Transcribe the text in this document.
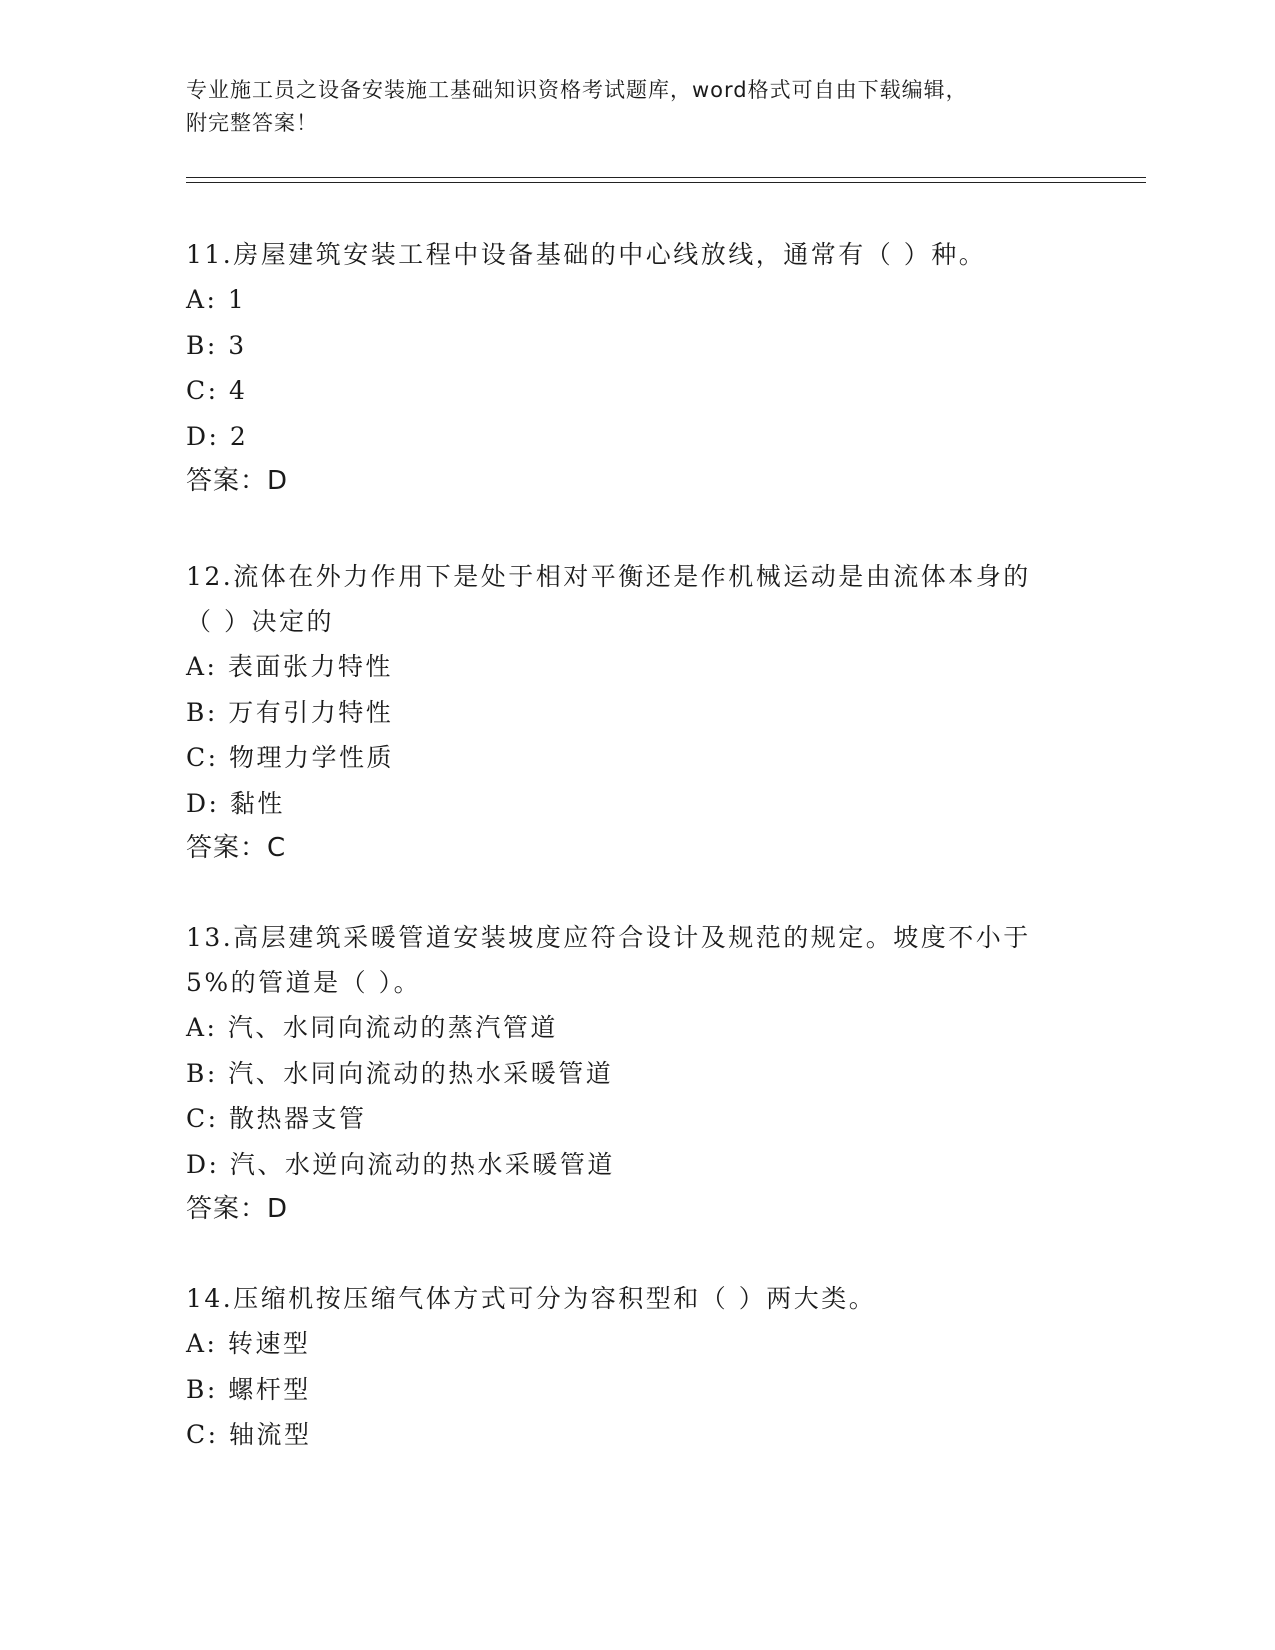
专业施工员之设备安装施工基础知识资格考试题库，word格式可自由下载编辑，
附完整答案！

11.房屋建筑安装工程中设备基础的中心线放线，通常有（ ）种。

A: 1

B: 3

C: 4

D: 2

答案：D

12.流体在外力作用下是处于相对平衡还是作机械运动是由流体本身的

（ ）决定的

A: 表面张力特性

B: 万有引力特性

C: 物理力学性质

D: 黏性

答案：C

13.高层建筑采暖管道安装坡度应符合设计及规范的规定。坡度不小于

5%的管道是（ ）。

A: 汽、水同向流动的蒸汽管道

B: 汽、水同向流动的热水采暖管道

C: 散热器支管

D: 汽、水逆向流动的热水采暖管道

答案：D

14.压缩机按压缩气体方式可分为容积型和（ ）两大类。

A: 转速型

B: 螺杆型

C: 轴流型
